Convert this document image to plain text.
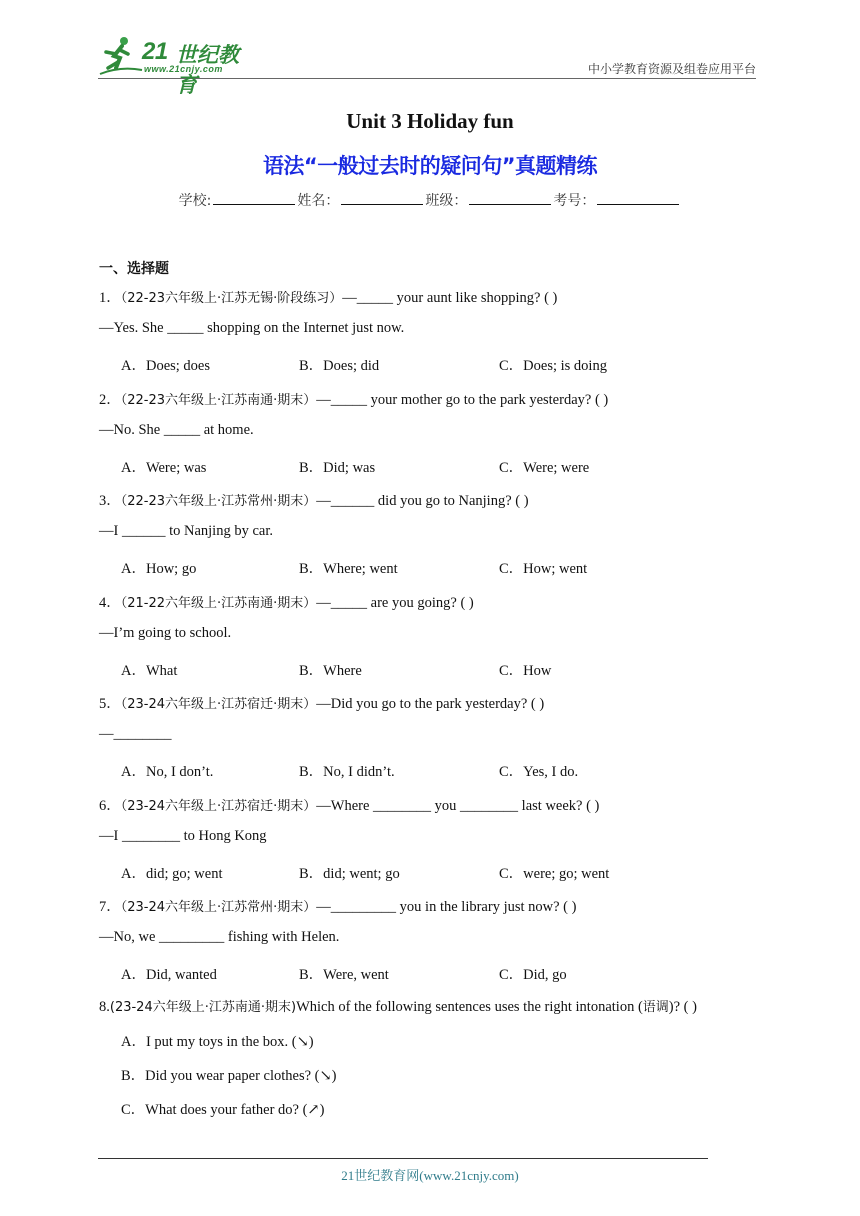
21 世纪教育
www.21cnjy.com	中小学教育资源及组卷应用平台
Unit 3 Holiday fun
语法“一般过去时的疑问句”真题精练
学校:	姓名：	班级：	考号：
一、选择题
1．（22-23六年级上·江苏无锡·阶段练习）—_____ your aunt like shopping? ( )
—Yes. She _____ shopping on the Internet just now.
A．Does; does	B．Does; did	C．Does; is doing
2．（22-23六年级上·江苏南通·期末）—_____ your mother go to the park yesterday? ( )
—No. She _____ at home.
A．Were; was	B．Did; was	C．Were; were
3．（22-23六年级上·江苏常州·期末）—______ did you go to Nanjing? ( )
—I ______ to Nanjing by car.
A．How; go	B．Where; went	C．How; went
4．（21-22六年级上·江苏南通·期末）—_____ are you going? ( )
—I’m going to school.
A．What	B．Where	C．How
5．（23-24六年级上·江苏宿迁·期末）—Did you go to the park yesterday? ( )
—________
A．No, I don’t.	B．No, I didn’t.	C．Yes, I do.
6．（23-24六年级上·江苏宿迁·期末）—Where ________ you ________ last week? ( )
—I ________ to Hong Kong
A．did; go; went	B．did; went; go	C．were; go; went
7．（23-24六年级上·江苏常州·期末）—_________ you in the library just now? ( )
—No, we _________ fishing with Helen.
A．Did, wanted	B．Were, went	C．Did, go
8.(23-24六年级上·江苏南通·期末)Which of the following sentences uses the right intonation (语调)? ( )
A．I put my toys in the box. (↘)
B．Did you wear paper clothes? (↘)
C．What does your father do? (↗)
21世纪教育网(www.21cnjy.com)
